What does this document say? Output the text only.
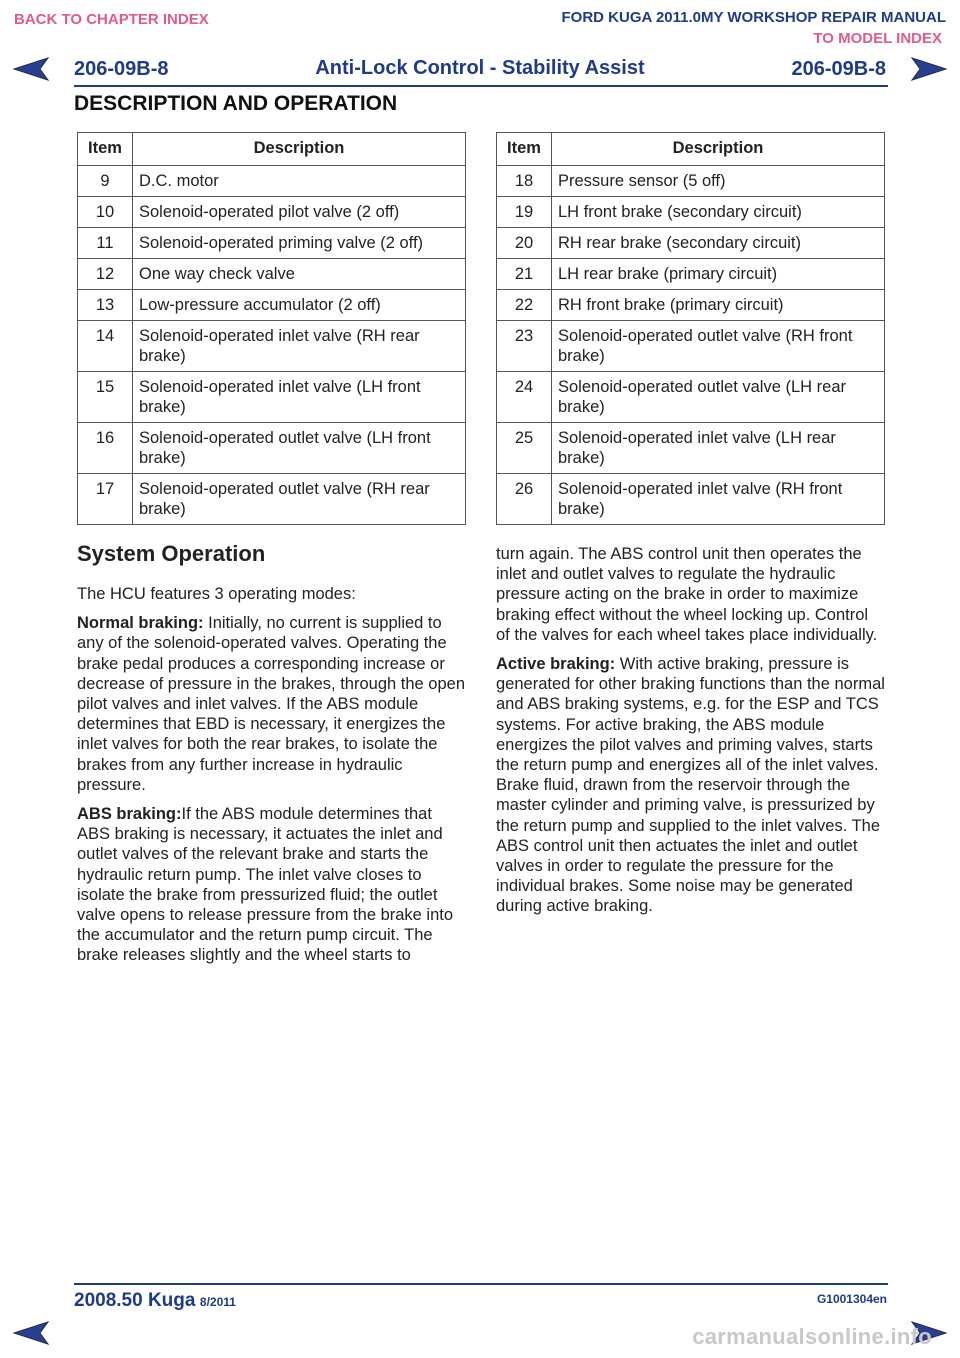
BACK TO CHAPTER INDEX	FORD KUGA 2011.0MY WORKSHOP REPAIR MANUAL
TO MODEL INDEX
206-09B-8	Anti-Lock Control - Stability Assist	206-09B-8
DESCRIPTION AND OPERATION
Item	Description
9	D.C. motor
10	Solenoid-operated pilot valve (2 off)
11	Solenoid-operated priming valve (2 off)
12	One way check valve
13	Low-pressure accumulator (2 off)
14	Solenoid-operated inlet valve (RH rear brake)
15	Solenoid-operated inlet valve (LH front brake)
16	Solenoid-operated outlet valve (LH front brake)
17	Solenoid-operated outlet valve (RH rear brake)
Item	Description
18	Pressure sensor (5 off)
19	LH front brake (secondary circuit)
20	RH rear brake (secondary circuit)
21	LH rear brake (primary circuit)
22	RH front brake (primary circuit)
23	Solenoid-operated outlet valve (RH front brake)
24	Solenoid-operated outlet valve (LH rear brake)
25	Solenoid-operated inlet valve (LH rear brake)
26	Solenoid-operated inlet valve (RH front brake)
System Operation

The HCU features 3 operating modes:

Normal braking: Initially, no current is supplied to any of the solenoid-operated valves. Operating the brake pedal produces a corresponding increase or decrease of pressure in the brakes, through the open pilot valves and inlet valves. If the ABS module determines that EBD is necessary, it energizes the inlet valves for both the rear brakes, to isolate the brakes from any further increase in hydraulic pressure.

ABS braking:If the ABS module determines that ABS braking is necessary, it actuates the inlet and outlet valves of the relevant brake and starts the hydraulic return pump. The inlet valve closes to isolate the brake from pressurized fluid; the outlet valve opens to release pressure from the brake into the accumulator and the return pump circuit. The brake releases slightly and the wheel starts to

turn again. The ABS control unit then operates the inlet and outlet valves to regulate the hydraulic pressure acting on the brake in order to maximize braking effect without the wheel locking up. Control of the valves for each wheel takes place individually.

Active braking: With active braking, pressure is generated for other braking functions than the normal and ABS braking systems, e.g. for the ESP and TCS systems. For active braking, the ABS module energizes the pilot valves and priming valves, starts the return pump and energizes all of the inlet valves. Brake fluid, drawn from the reservoir through the master cylinder and priming valve, is pressurized by the return pump and supplied to the inlet valves. The ABS control unit then actuates the inlet and outlet valves in order to regulate the pressure for the individual brakes. Some noise may be generated during active braking.

2008.50 Kuga 8/2011	G1001304en
carmanualsonline.info
